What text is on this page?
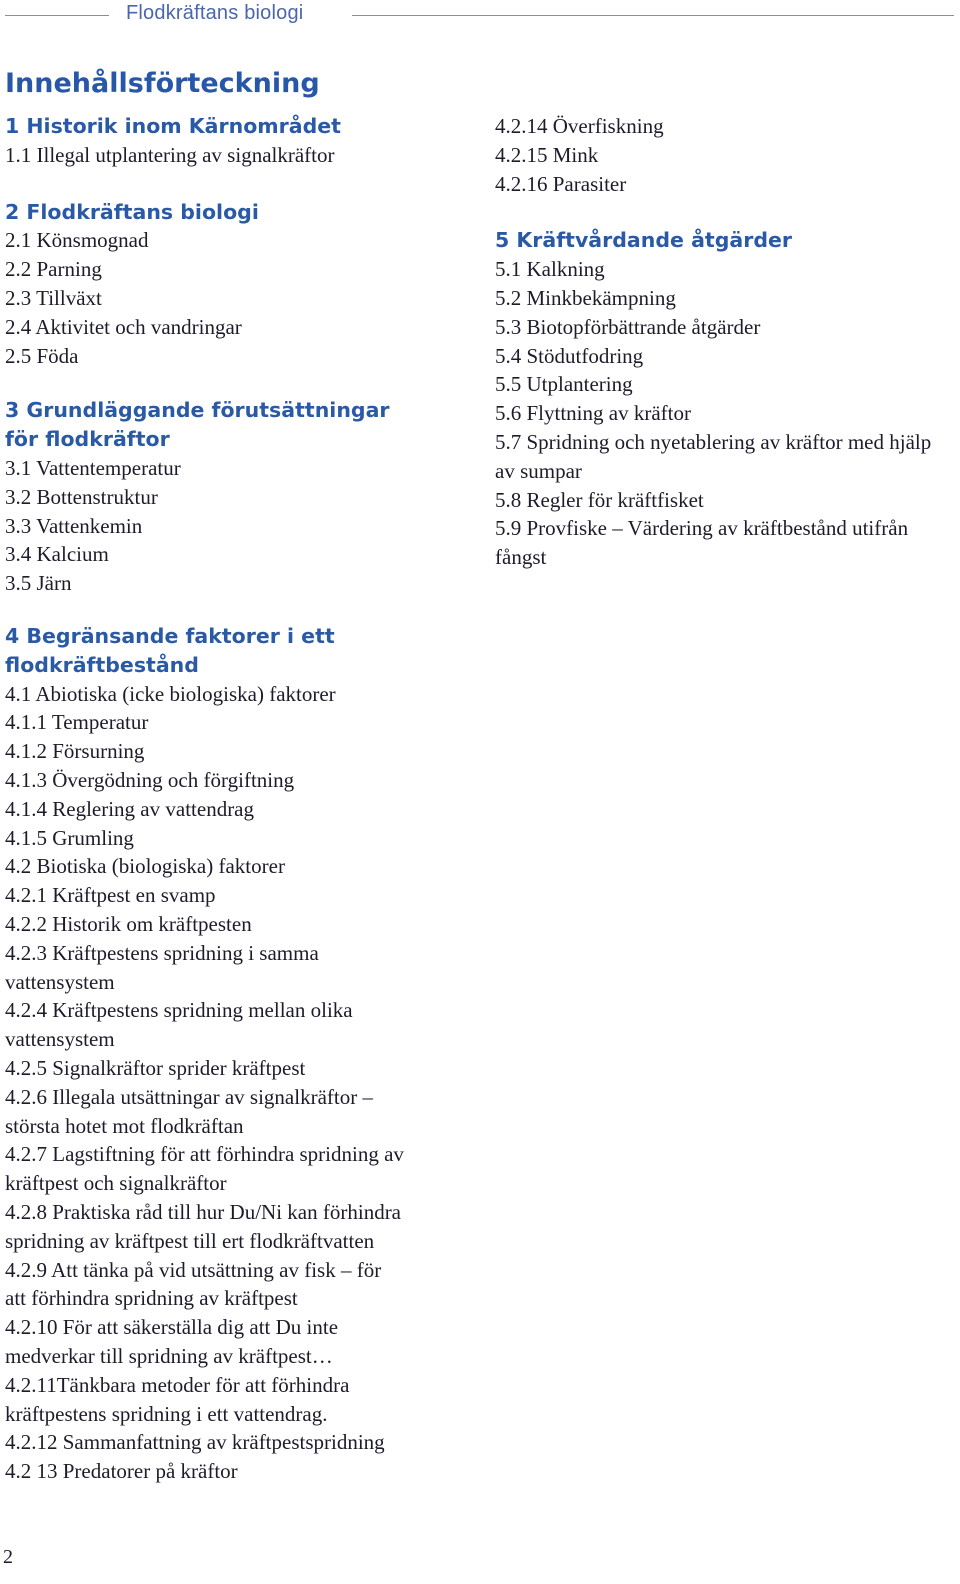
Flodkräftans biologi
Innehållsförteckning
1 Historik inom Kärnområdet
1.1 Illegal utplantering av signalkräftor
2 Flodkräftans biologi
2.1 Könsmognad
2.2 Parning
2.3 Tillväxt
2.4 Aktivitet och vandringar
2.5 Föda
3 Grundläggande förutsättningar för flodkräftor
3.1 Vattentemperatur
3.2 Bottenstruktur
3.3 Vattenkemin
3.4 Kalcium
3.5 Järn
4 Begränsande faktorer i ett flodkräftbestånd
4.1 Abiotiska (icke biologiska) faktorer
4.1.1 Temperatur
4.1.2 Försurning
4.1.3 Övergödning och förgiftning
4.1.4 Reglering av vattendrag
4.1.5 Grumling
4.2 Biotiska (biologiska) faktorer
4.2.1 Kräftpest en svamp
4.2.2 Historik om kräftpesten
4.2.3 Kräftpestens spridning i samma vattensystem
4.2.4 Kräftpestens spridning mellan olika vattensystem
4.2.5 Signalkräftor sprider kräftpest
4.2.6 Illegala utsättningar av signalkräftor – största hotet mot flodkräftan
4.2.7 Lagstiftning för att förhindra spridning av kräftpest och signalkräftor
4.2.8 Praktiska råd till hur Du/Ni kan förhindra spridning av kräftpest till ert flodkräftvatten
4.2.9 Att tänka på vid utsättning av fisk – för att förhindra spridning av kräftpest
4.2.10 För att säkerställa dig att Du inte medverkar till spridning av kräftpest…
4.2.11Tänkbara metoder för att förhindra kräftpestens spridning i ett vattendrag.
4.2.12 Sammanfattning av kräftpestspridning
4.2 13 Predatorer på kräftor
4.2.14 Överfiskning
4.2.15 Mink
4.2.16 Parasiter
5 Kräftvårdande åtgärder
5.1 Kalkning
5.2 Minkbekämpning
5.3 Biotopförbättrande åtgärder
5.4 Stödutfodring
5.5 Utplantering
5.6 Flyttning av kräftor
5.7 Spridning och nyetablering av kräftor med hjälp av sumpar
5.8 Regler för kräftfisket
5.9 Provfiske – Värdering av kräftbestånd utifrån fångst
2
